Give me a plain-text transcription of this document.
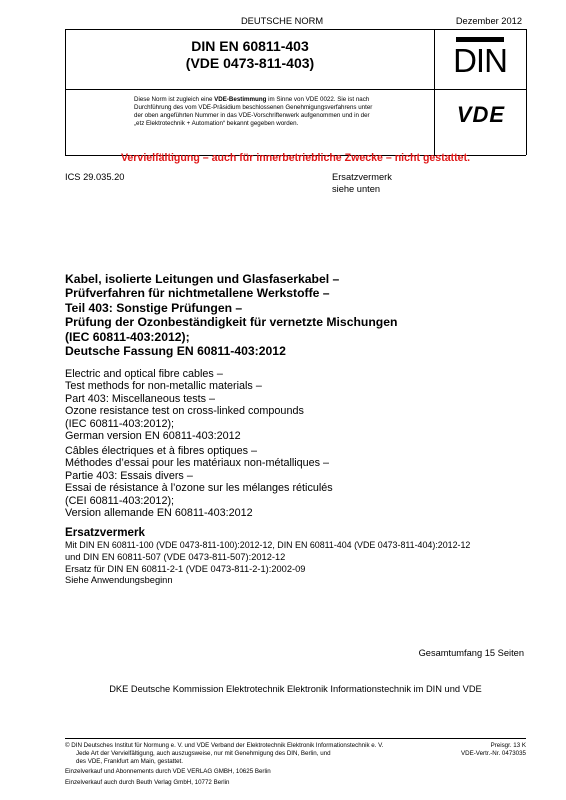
DEUTSCHE NORM	Dezember 2012
DIN EN 60811-403
(VDE 0473-811-403)	DIN
Diese Norm ist zugleich eine VDE-Bestimmung im Sinne von VDE 0022. Sie ist nach
Durchführung des vom VDE-Präsidium beschlossenen Genehmigungsverfahrens unter
der oben angeführten Nummer in das VDE-Vorschriftenwerk aufgenommen und in der
„etz Elektrotechnik + Automation“ bekannt gegeben worden.	VDE
Vervielfältigung – auch für innerbetriebliche Zwecke – nicht gestattet.
ICS 29.035.20	Ersatzvermerk
siehe unten
Kabel, isolierte Leitungen und Glasfaserkabel –
Prüfverfahren für nichtmetallene Werkstoffe –
Teil 403: Sonstige Prüfungen –
Prüfung der Ozonbeständigkeit für vernetzte Mischungen
(IEC 60811-403:2012);
Deutsche Fassung EN 60811-403:2012
Electric and optical fibre cables –
Test methods for non-metallic materials –
Part 403: Miscellaneous tests –
Ozone resistance test on cross-linked compounds
(IEC 60811-403:2012);
German version EN 60811-403:2012
Câbles électriques et à fibres optiques –
Méthodes d’essai pour les matériaux non-métalliques –
Partie 403: Essais divers –
Essai de résistance à l’ozone sur les mélanges réticulés
(CEI 60811-403:2012);
Version allemande EN 60811-403:2012
Ersatzvermerk
Mit DIN EN 60811-100 (VDE 0473-811-100):2012-12, DIN EN 60811-404 (VDE 0473-811-404):2012-12
und DIN EN 60811-507 (VDE 0473-811-507):2012-12
Ersatz für DIN EN 60811-2-1 (VDE 0473-811-2-1):2002-09
Siehe Anwendungsbeginn
Gesamtumfang 15 Seiten
DKE Deutsche Kommission Elektrotechnik Elektronik Informationstechnik im DIN und VDE
© DIN Deutsches Institut für Normung e. V. und VDE Verband der Elektrotechnik Elektronik Informationstechnik e. V.
Jede Art der Vervielfältigung, auch auszugsweise, nur mit Genehmigung des DIN, Berlin, und
des VDE, Frankfurt am Main, gestattet.
Preisgr. 13 K
VDE-Vertr.-Nr. 0473035
Einzelverkauf und Abonnements durch VDE VERLAG GMBH, 10625 Berlin
Einzelverkauf auch durch Beuth Verlag GmbH, 10772 Berlin
